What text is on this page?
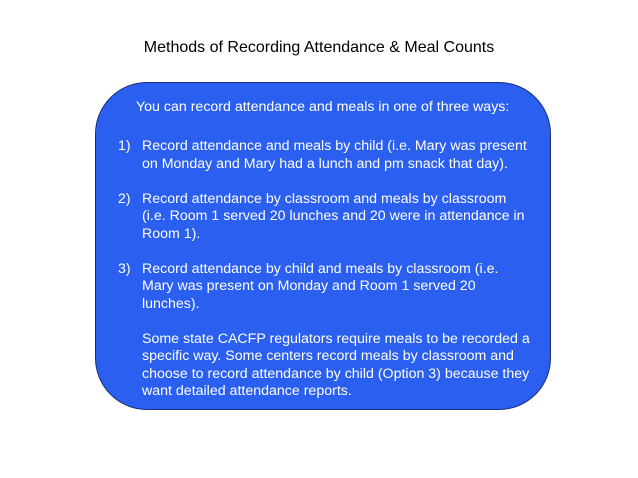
Methods of Recording Attendance & Meal Counts
You can record attendance and meals in one of three ways:
1) Record attendance and meals by child (i.e. Mary was present
on Monday and Mary had a lunch and pm snack that day).
2) Record attendance by classroom and meals by classroom
(i.e. Room 1 served 20 lunches and 20 were in attendance in
Room 1).
3) Record attendance by child and meals by classroom (i.e.
Mary was present on Monday and Room 1 served 20
lunches).
Some state CACFP regulators require meals to be recorded a
specific way. Some centers record meals by classroom and
choose to record attendance by child (Option 3) because they
want detailed attendance reports.
